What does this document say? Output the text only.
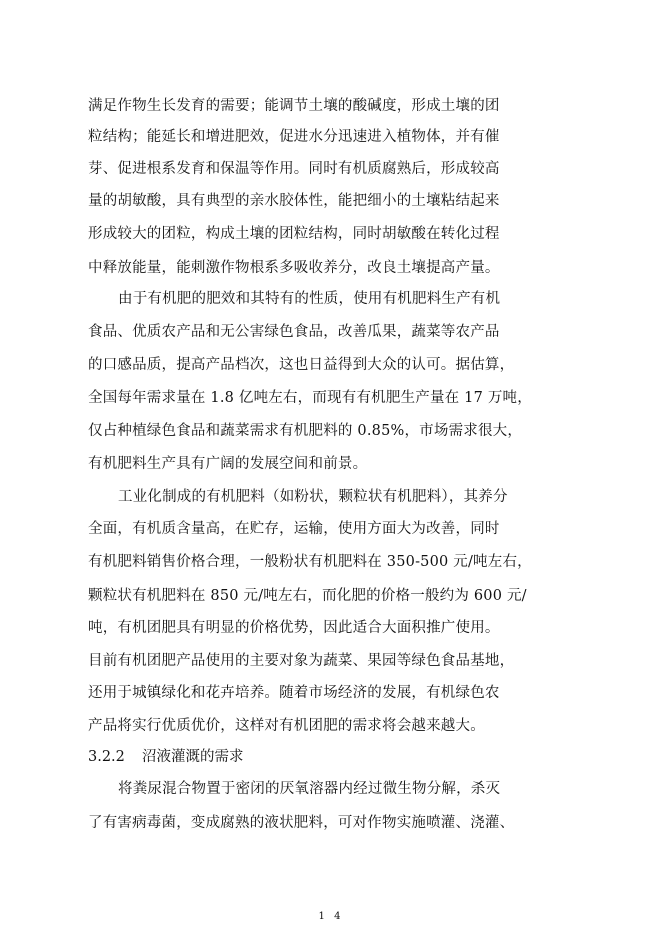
满足作物生长发育的需要；能调节土壤的酸碱度，形成土壤的团
粒结构；能延长和增进肥效，促进水分迅速进入植物体，并有催
芽、促进根系发育和保温等作用。同时有机质腐熟后，形成较高
量的胡敏酸，具有典型的亲水胶体性，能把细小的土壤粘结起来
形成较大的团粒，构成土壤的团粒结构，同时胡敏酸在转化过程
中释放能量，能刺激作物根系多吸收养分，改良土壤提高产量。
由于有机肥的肥效和其特有的性质，使用有机肥料生产有机
食品、优质农产品和无公害绿色食品，改善瓜果，蔬菜等农产品
的口感品质，提高产品档次，这也日益得到大众的认可。据估算，
全国每年需求量在 1.8 亿吨左右，而现有有机肥生产量在 17 万吨，
仅占种植绿色食品和蔬菜需求有机肥料的 0.85%，市场需求很大，
有机肥料生产具有广阔的发展空间和前景。
工业化制成的有机肥料（如粉状，颗粒状有机肥料），其养分
全面，有机质含量高，在贮存，运输，使用方面大为改善，同时
有机肥料销售价格合理，一般粉状有机肥料在 350-500 元/吨左右，
颗粒状有机肥料在 850 元/吨左右，而化肥的价格一般约为 600 元/
吨，有机团肥具有明显的价格优势，因此适合大面积推广使用。
目前有机团肥产品使用的主要对象为蔬菜、果园等绿色食品基地，
还用于城镇绿化和花卉培养。随着市场经济的发展，有机绿色农
产品将实行优质优价，这样对有机团肥的需求将会越来越大。
3.2.2 沼液灌溉的需求
将粪尿混合物置于密闭的厌氧溶器内经过微生物分解，杀灭
了有害病毒菌，变成腐熟的液状肥料，可对作物实施喷灌、浇灌、
1 4
